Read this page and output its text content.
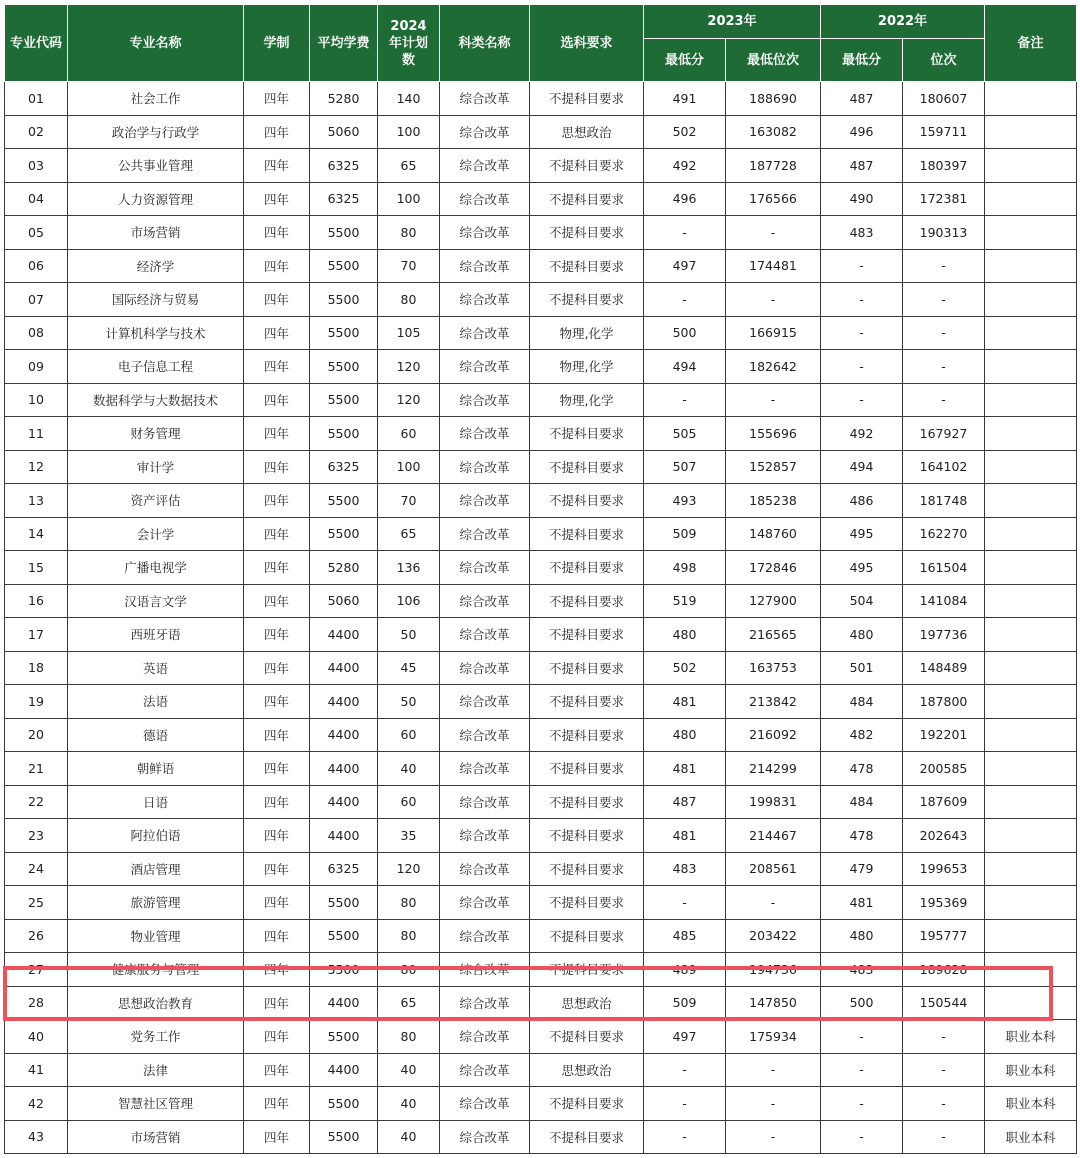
专业代码	专业名称	学制	平均学费	2024年计划数	科类名称	选科要求	2023年		2022年		备注
							最低分	最低位次	最低分	位次	
01	社会工作	四年	5280	140	综合改革	不提科目要求	491	188690	487	180607	
02	政治学与行政学	四年	5060	100	综合改革	思想政治	502	163082	496	159711	
03	公共事业管理	四年	6325	65	综合改革	不提科目要求	492	187728	487	180397	
04	人力资源管理	四年	6325	100	综合改革	不提科目要求	496	176566	490	172381	
05	市场营销	四年	5500	80	综合改革	不提科目要求	-	-	483	190313	
06	经济学	四年	5500	70	综合改革	不提科目要求	497	174481	-	-	
07	国际经济与贸易	四年	5500	80	综合改革	不提科目要求	-	-	-	-	
08	计算机科学与技术	四年	5500	105	综合改革	物理,化学	500	166915	-	-	
09	电子信息工程	四年	5500	120	综合改革	物理,化学	494	182642	-	-	
10	数据科学与大数据技术	四年	5500	120	综合改革	物理,化学	-	-	-	-	
11	财务管理	四年	5500	60	综合改革	不提科目要求	505	155696	492	167927	
12	审计学	四年	6325	100	综合改革	不提科目要求	507	152857	494	164102	
13	资产评估	四年	5500	70	综合改革	不提科目要求	493	185238	486	181748	
14	会计学	四年	5500	65	综合改革	不提科目要求	509	148760	495	162270	
15	广播电视学	四年	5280	136	综合改革	不提科目要求	498	172846	495	161504	
16	汉语言文学	四年	5060	106	综合改革	不提科目要求	519	127900	504	141084	
17	西班牙语	四年	4400	50	综合改革	不提科目要求	480	216565	480	197736	
18	英语	四年	4400	45	综合改革	不提科目要求	502	163753	501	148489	
19	法语	四年	4400	50	综合改革	不提科目要求	481	213842	484	187800	
20	德语	四年	4400	60	综合改革	不提科目要求	480	216092	482	192201	
21	朝鲜语	四年	4400	40	综合改革	不提科目要求	481	214299	478	200585	
22	日语	四年	4400	60	综合改革	不提科目要求	487	199831	484	187609	
23	阿拉伯语	四年	4400	35	综合改革	不提科目要求	481	214467	478	202643	
24	酒店管理	四年	6325	120	综合改革	不提科目要求	483	208561	479	199653	
25	旅游管理	四年	5500	80	综合改革	不提科目要求	-	-	481	195369	
26	物业管理	四年	5500	80	综合改革	不提科目要求	485	203422	480	195777	
27	健康服务与管理	四年	5500	80	综合改革	不提科目要求	489	194736	483	189628	
28	思想政治教育	四年	4400	65	综合改革	思想政治	509	147850	500	150544	
40	党务工作	四年	5500	80	综合改革	不提科目要求	497	175934	-	-	职业本科
41	法律	四年	4400	40	综合改革	思想政治	-	-	-	-	职业本科
42	智慧社区管理	四年	5500	40	综合改革	不提科目要求	-	-	-	-	职业本科
43	市场营销	四年	5500	40	综合改革	不提科目要求	-	-	-	-	职业本科
